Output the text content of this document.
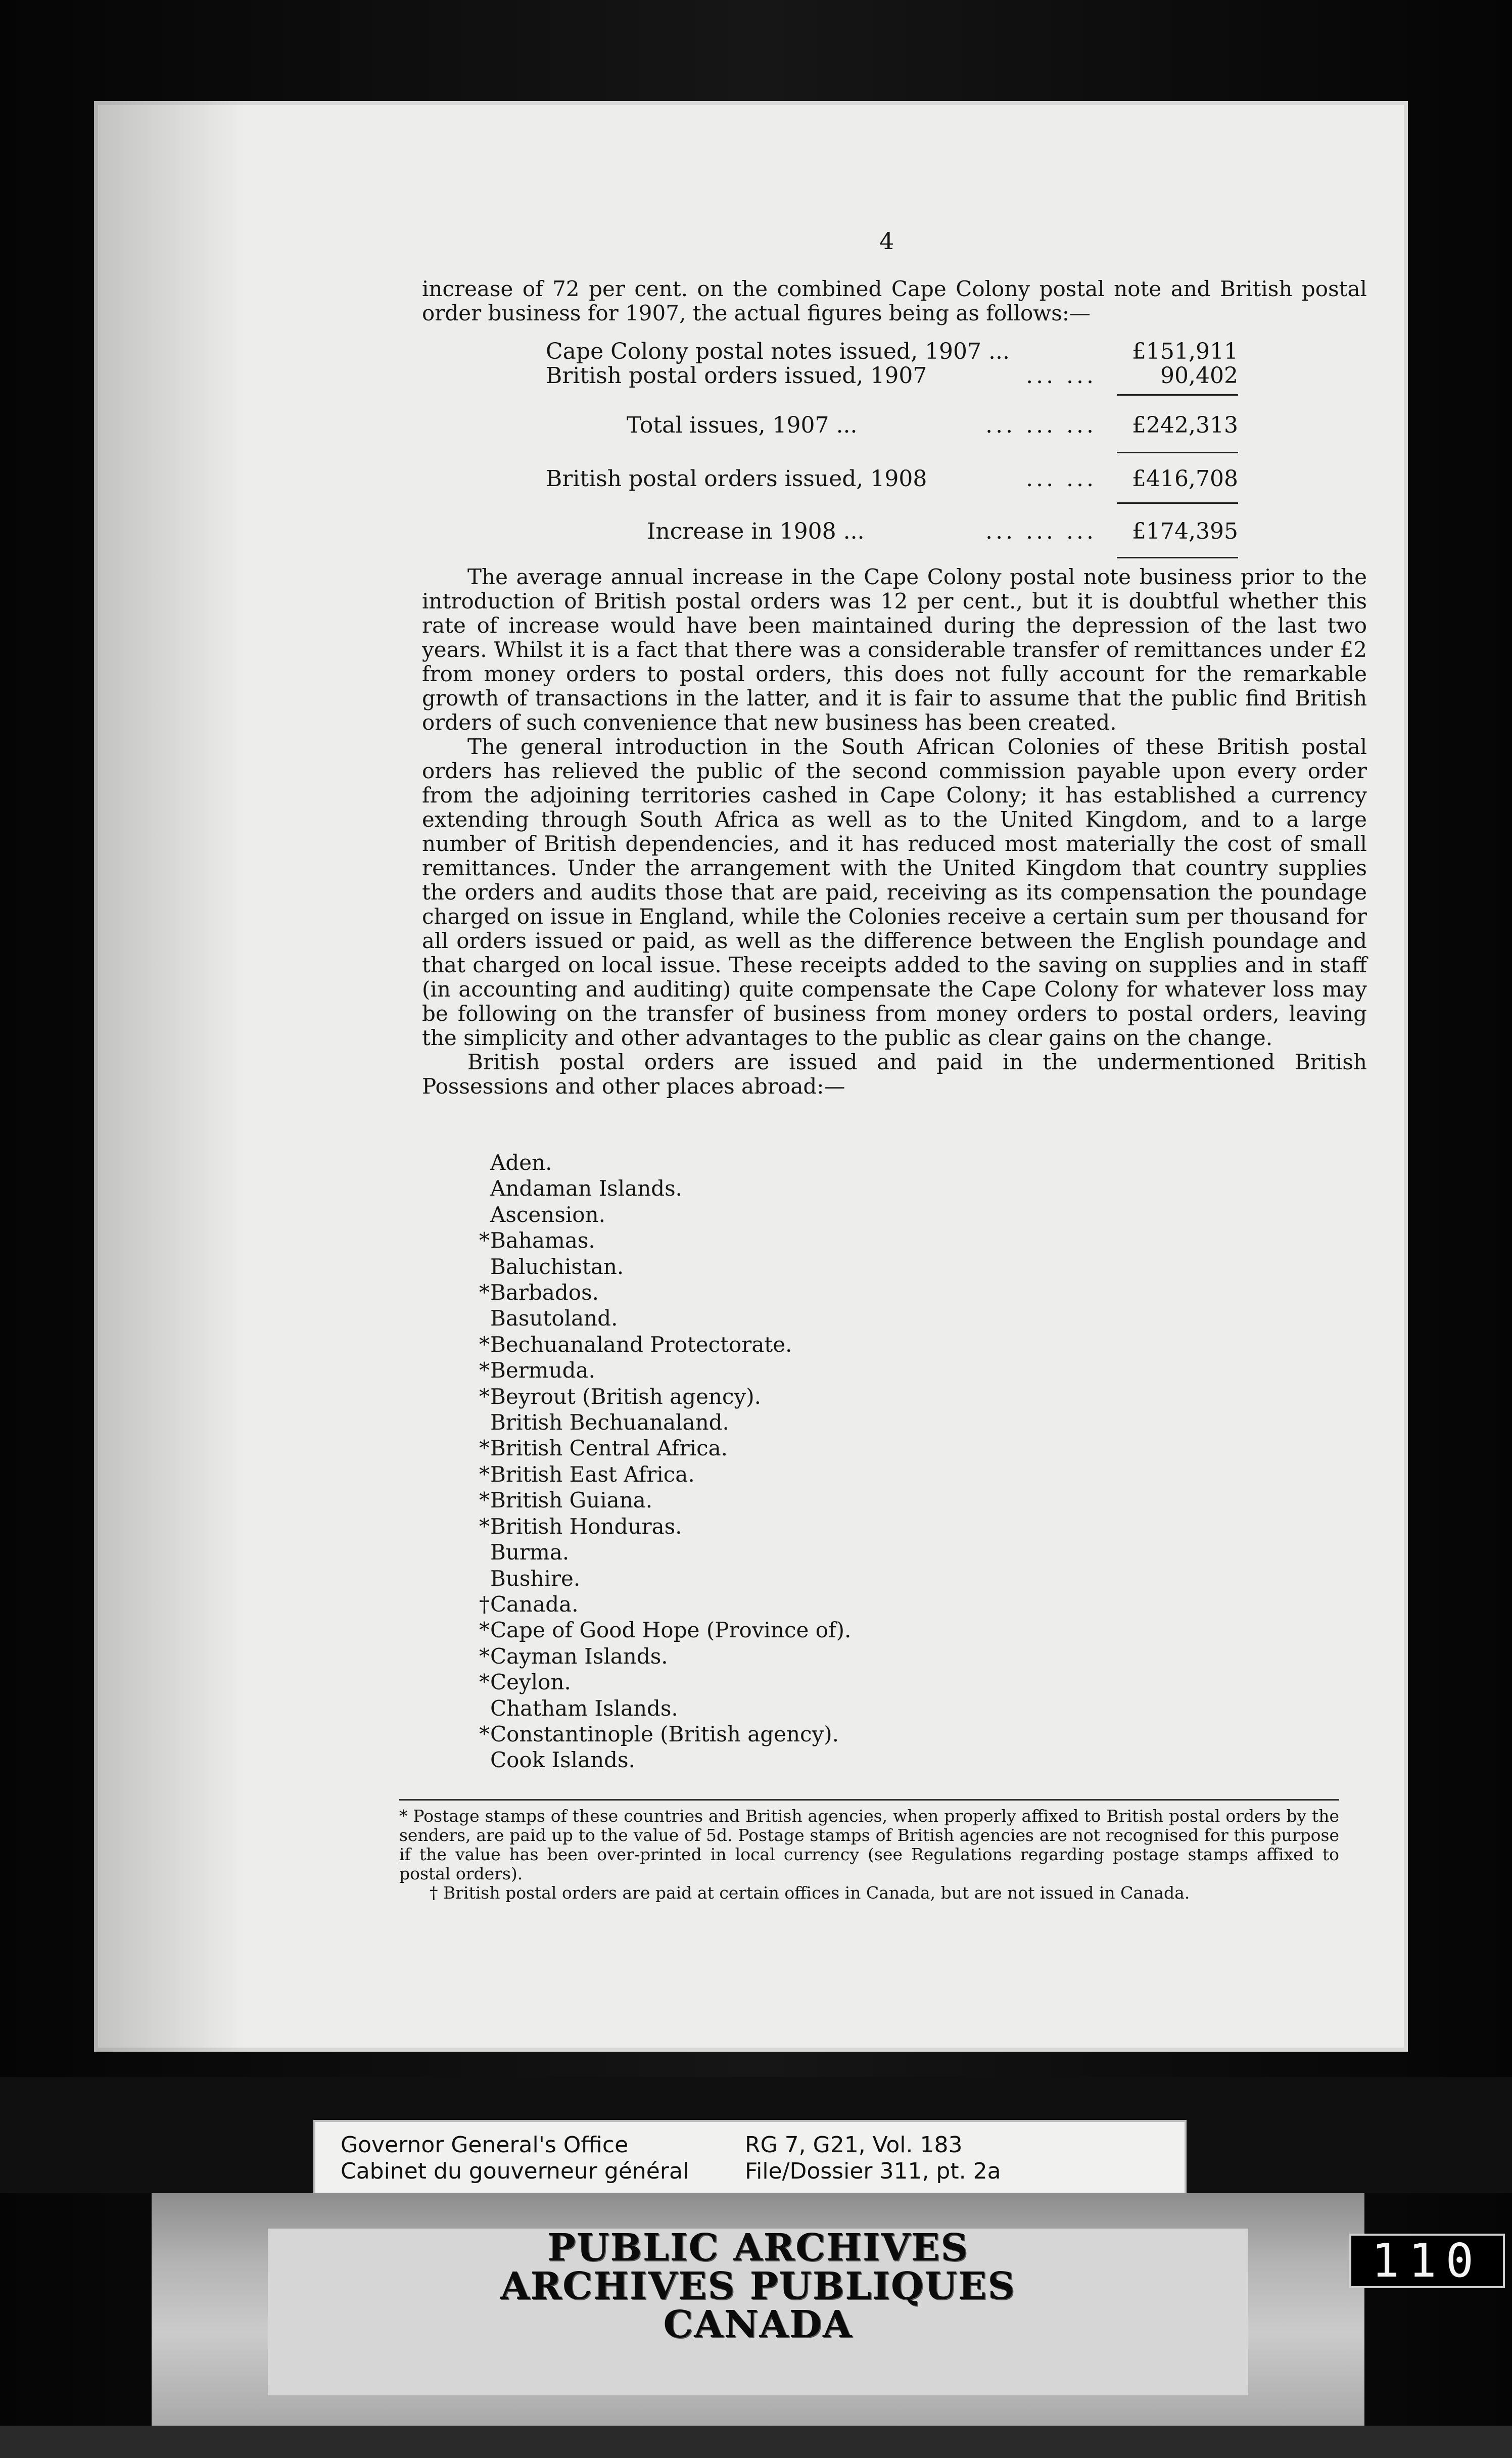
4

increase of 72 per cent. on the combined Cape Colony postal note and British postal order business for 1907, the actual figures being as follows:—

Cape Colony postal notes issued, 1907 ...	£151,911
British postal orders issued, 1907	... ...	90,402
Total issues, 1907 ...	... ... ...	£242,313
British postal orders issued, 1908	... ...	£416,708
Increase in 1908 ...	... ... ...	£174,395

The average annual increase in the Cape Colony postal note business prior to the introduction of British postal orders was 12 per cent., but it is doubtful whether this rate of increase would have been maintained during the depression of the last two years. Whilst it is a fact that there was a considerable transfer of remittances under £2 from money orders to postal orders, this does not fully account for the remarkable growth of transactions in the latter, and it is fair to assume that the public find British orders of such convenience that new business has been created.

The general introduction in the South African Colonies of these British postal orders has relieved the public of the second commission payable upon every order from the adjoining territories cashed in Cape Colony; it has established a currency extending through South Africa as well as to the United Kingdom, and to a large number of British dependencies, and it has reduced most materially the cost of small remittances. Under the arrangement with the United Kingdom that country supplies the orders and audits those that are paid, receiving as its compensation the poundage charged on issue in England, while the Colonies receive a certain sum per thousand for all orders issued or paid, as well as the difference between the English poundage and that charged on local issue. These receipts added to the saving on supplies and in staff (in accounting and auditing) quite compensate the Cape Colony for whatever loss may be following on the transfer of business from money orders to postal orders, leaving the simplicity and other advantages to the public as clear gains on the change.

British postal orders are issued and paid in the undermentioned British Possessions and other places abroad:—

Aden.
Andaman Islands.
Ascension.
*Bahamas.
Baluchistan.
*Barbados.
Basutoland.
*Bechuanaland Protectorate.
*Bermuda.
*Beyrout (British agency).
British Bechuanaland.
*British Central Africa.
*British East Africa.
*British Guiana.
*British Honduras.
Burma.
Bushire.
†Canada.
*Cape of Good Hope (Province of).
*Cayman Islands.
*Ceylon.
Chatham Islands.
*Constantinople (British agency).
Cook Islands.

* Postage stamps of these countries and British agencies, when properly affixed to British postal orders by the senders, are paid up to the value of 5d. Postage stamps of British agencies are not recognised for this purpose if the value has been over-printed in local currency (see Regulations regarding postage stamps affixed to postal orders).

† British postal orders are paid at certain offices in Canada, but are not issued in Canada.

Governor General's Office
Cabinet du gouverneur général
RG 7, G21, Vol. 183
File/Dossier 311, pt. 2a
PUBLIC ARCHIVES
ARCHIVES PUBLIQUES
CANADA
110
